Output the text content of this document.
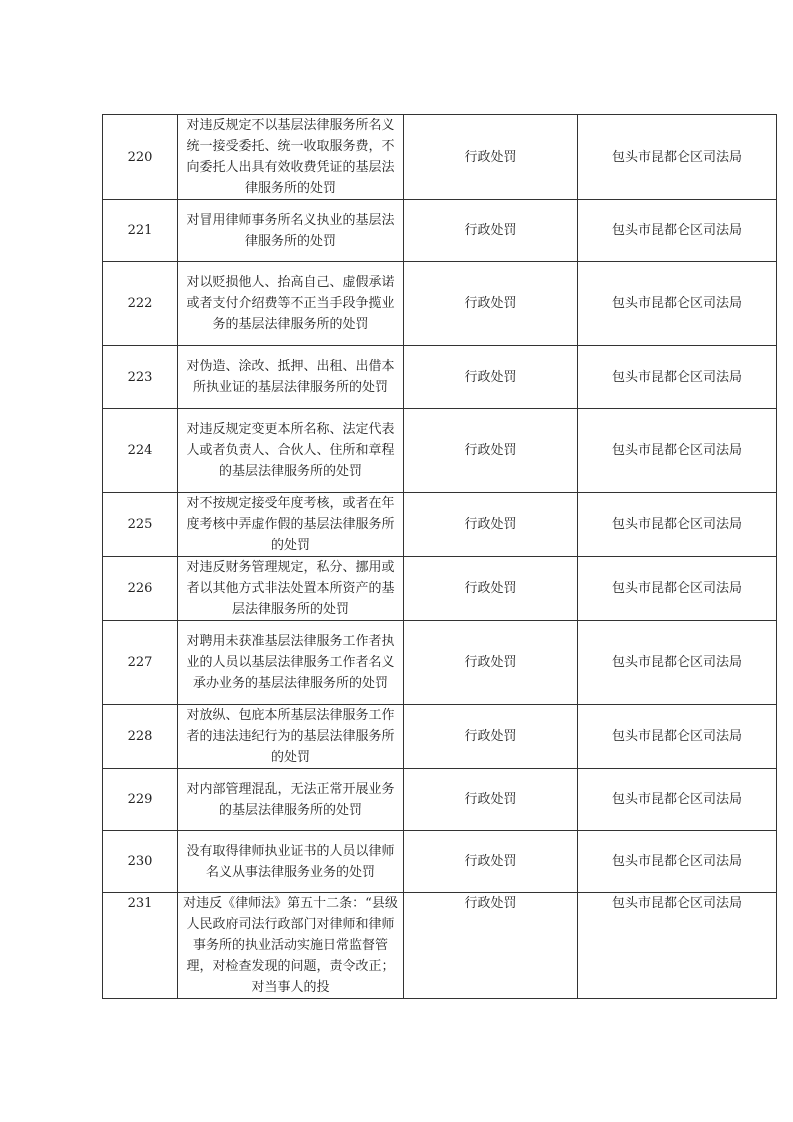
220	对违反规定不以基层法律服务所名义统一接受委托、统一收取服务费，不向委托人出具有效收费凭证的基层法律服务所的处罚	行政处罚	包头市昆都仑区司法局
221	对冒用律师事务所名义执业的基层法律服务所的处罚	行政处罚	包头市昆都仑区司法局
222	对以贬损他人、抬高自己、虚假承诺或者支付介绍费等不正当手段争揽业务的基层法律服务所的处罚	行政处罚	包头市昆都仑区司法局
223	对伪造、涂改、抵押、出租、出借本所执业证的基层法律服务所的处罚	行政处罚	包头市昆都仑区司法局
224	对违反规定变更本所名称、法定代表人或者负责人、合伙人、住所和章程的基层法律服务所的处罚	行政处罚	包头市昆都仑区司法局
225	对不按规定接受年度考核，或者在年度考核中弄虚作假的基层法律服务所的处罚	行政处罚	包头市昆都仑区司法局
226	对违反财务管理规定，私分、挪用或者以其他方式非法处置本所资产的基层法律服务所的处罚	行政处罚	包头市昆都仑区司法局
227	对聘用未获准基层法律服务工作者执业的人员以基层法律服务工作者名义承办业务的基层法律服务所的处罚	行政处罚	包头市昆都仑区司法局
228	对放纵、包庇本所基层法律服务工作者的违法违纪行为的基层法律服务所的处罚	行政处罚	包头市昆都仑区司法局
229	对内部管理混乱，无法正常开展业务的基层法律服务所的处罚	行政处罚	包头市昆都仑区司法局
230	没有取得律师执业证书的人员以律师名义从事法律服务业务的处罚	行政处罚	包头市昆都仑区司法局
231	对违反《律师法》第五十二条：“县级人民政府司法行政部门对律师和律师事务所的执业活动实施日常监督管理，对检查发现的问题，责令改正；对当事人的投	行政处罚	包头市昆都仑区司法局
